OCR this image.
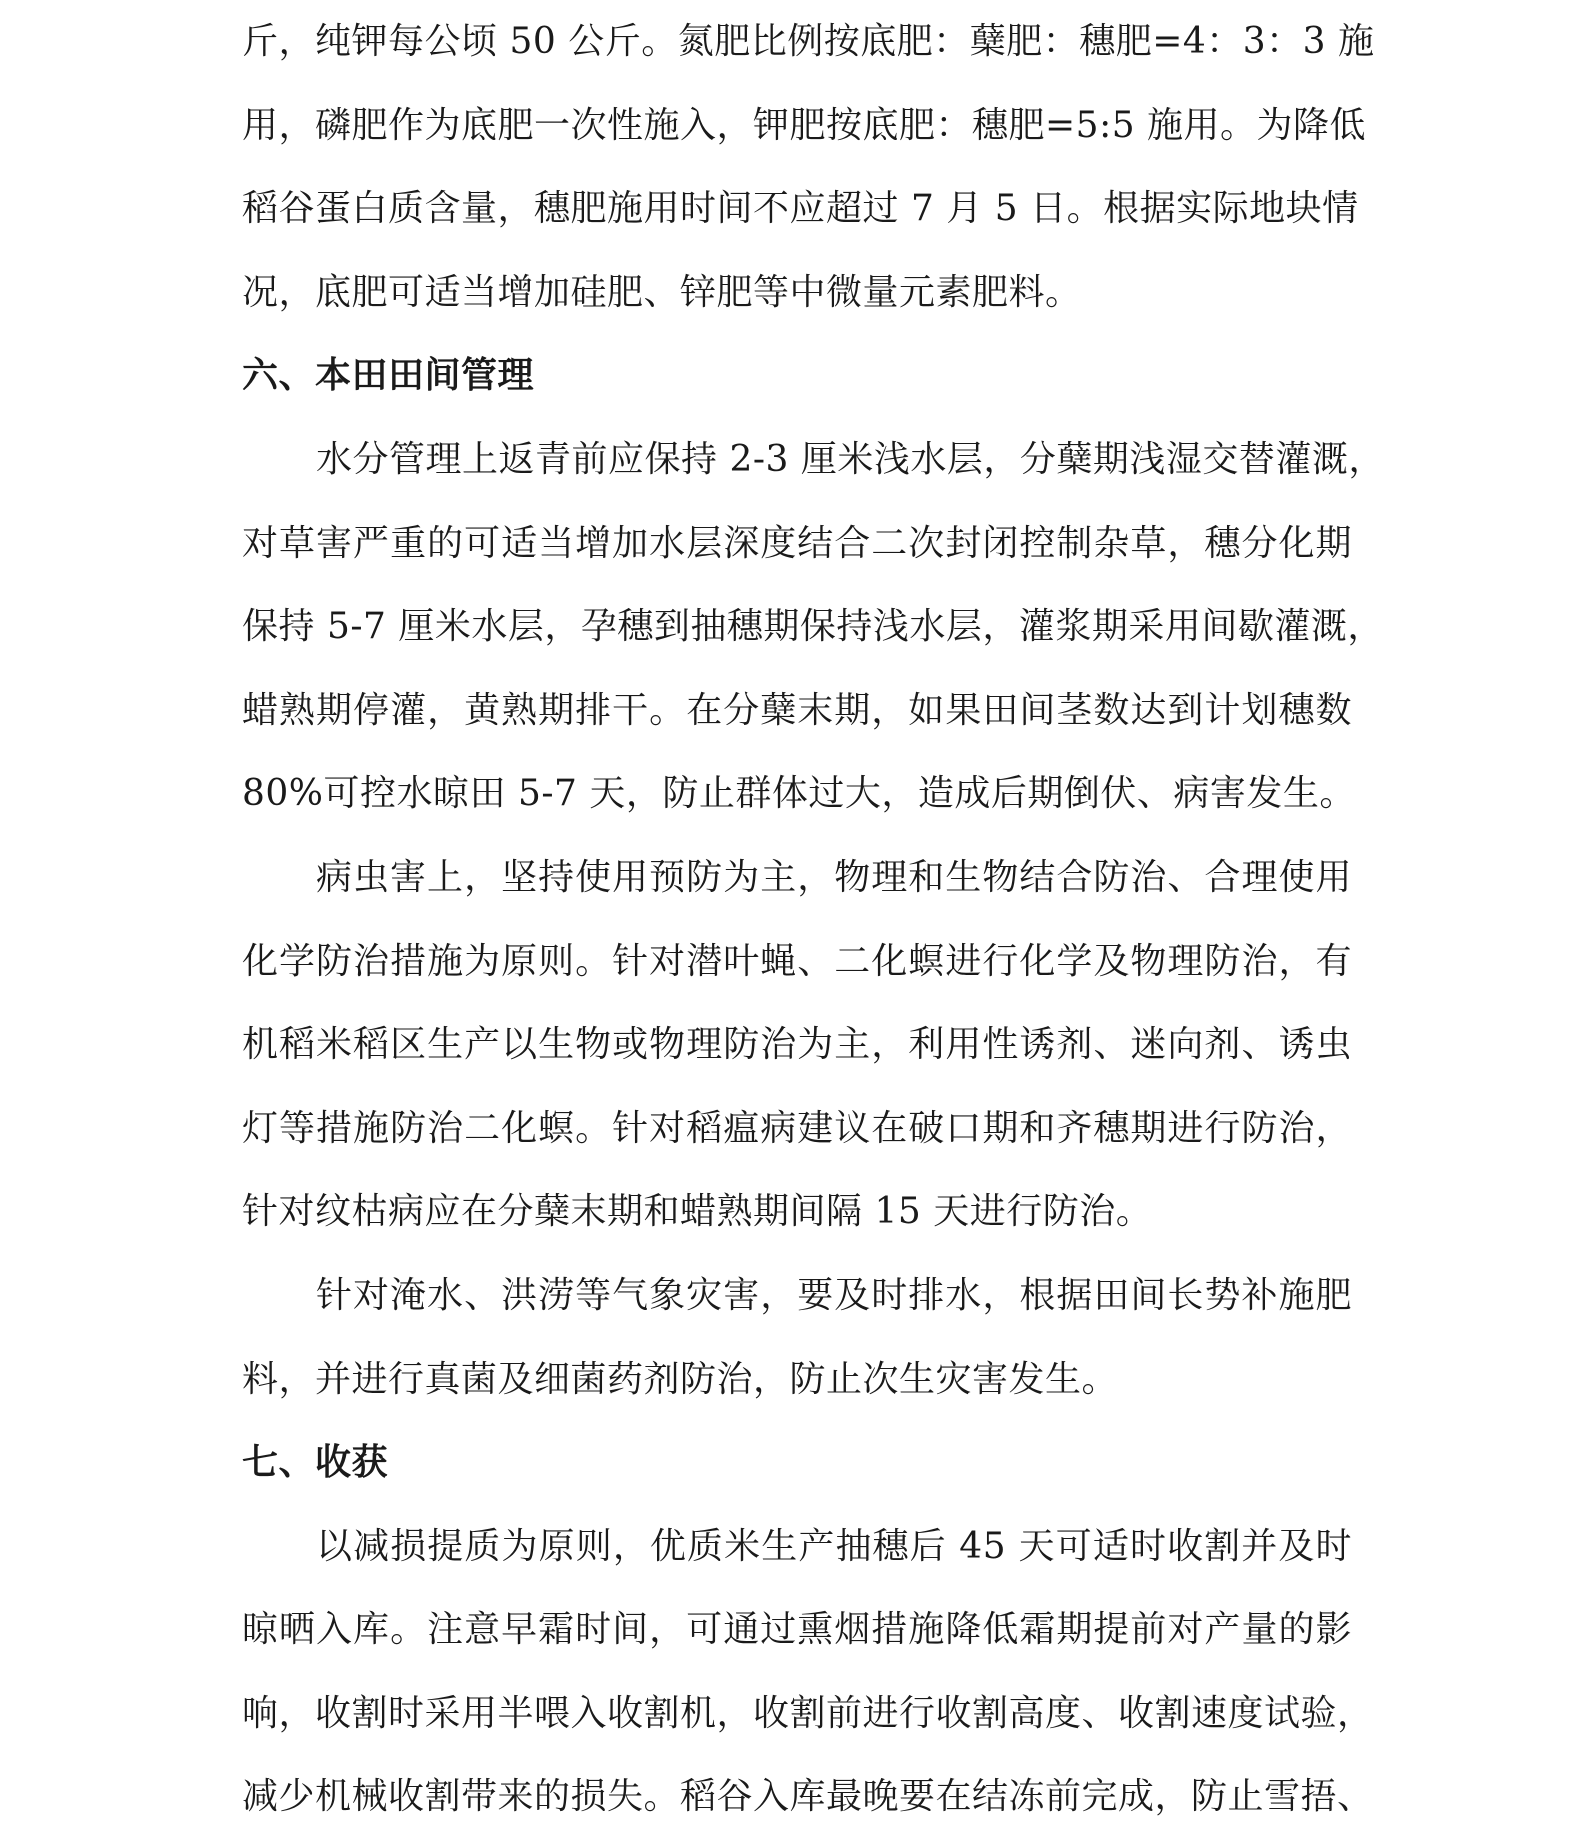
斤，纯钾每公顷 50 公斤。氮肥比例按底肥：蘖肥：穗肥=4：3：3 施
用，磷肥作为底肥一次性施入，钾肥按底肥：穗肥=5:5 施用。为降低
稻谷蛋白质含量，穗肥施用时间不应超过 7 月 5 日。根据实际地块情
况，底肥可适当增加硅肥、锌肥等中微量元素肥料。
六、本田田间管理
水分管理上返青前应保持 2-3 厘米浅水层，分蘖期浅湿交替灌溉，
对草害严重的可适当增加水层深度结合二次封闭控制杂草，穗分化期
保持 5-7 厘米水层，孕穗到抽穗期保持浅水层，灌浆期采用间歇灌溉，
蜡熟期停灌，黄熟期排干。在分蘖末期，如果田间茎数达到计划穗数
80%可控水晾田 5-7 天，防止群体过大，造成后期倒伏、病害发生。
病虫害上，坚持使用预防为主，物理和生物结合防治、合理使用
化学防治措施为原则。针对潜叶蝇、二化螟进行化学及物理防治，有
机稻米稻区生产以生物或物理防治为主，利用性诱剂、迷向剂、诱虫
灯等措施防治二化螟。针对稻瘟病建议在破口期和齐穗期进行防治，
针对纹枯病应在分蘖末期和蜡熟期间隔 15 天进行防治。
针对淹水、洪涝等气象灾害，要及时排水，根据田间长势补施肥
料，并进行真菌及细菌药剂防治，防止次生灾害发生。
七、收获
以减损提质为原则，优质米生产抽穗后 45 天可适时收割并及时
晾晒入库。注意早霜时间，可通过熏烟措施降低霜期提前对产量的影
响，收割时采用半喂入收割机，收割前进行收割高度、收割速度试验，
减少机械收割带来的损失。稻谷入库最晚要在结冻前完成，防止雪捂、
